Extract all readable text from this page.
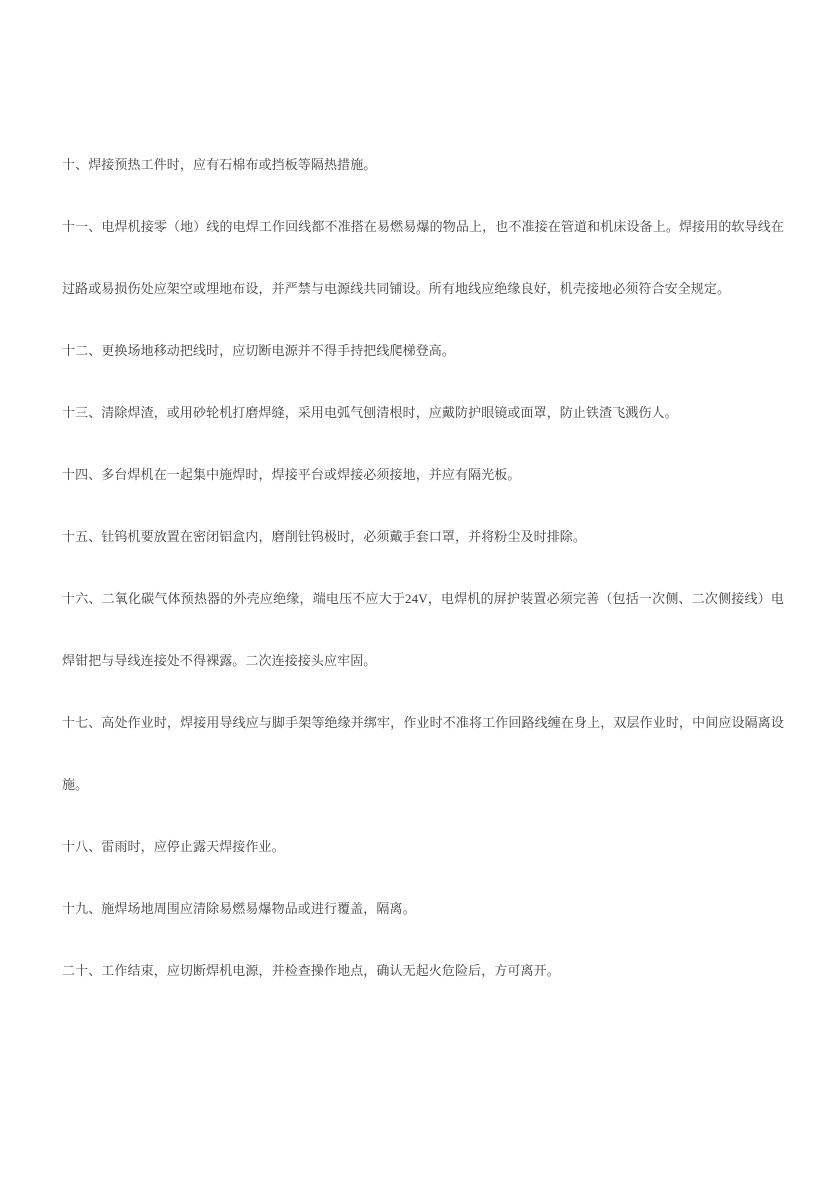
十、焊接预热工件时，应有石棉布或挡板等隔热措施。

十一、电焊机接零（地）线的电焊工作回线都不准搭在易燃易爆的物品上，也不准接在管道和机床设备上。焊接用的软导线在
过路或易损伤处应架空或埋地布设，并严禁与电源线共同铺设。所有地线应绝缘良好，机壳接地必须符合安全规定。

十二、更换场地移动把线时，应切断电源并不得手持把线爬梯登高。

十三、清除焊渣，或用砂轮机打磨焊缝，采用电弧气刨清根时，应戴防护眼镜或面罩，防止铁渣飞溅伤人。

十四、多台焊机在一起集中施焊时，焊接平台或焊接必须接地，并应有隔光板。

十五、钍钨机要放置在密闭铝盒内，磨削钍钨极时，必须戴手套口罩，并将粉尘及时排除。

十六、二氧化碳气体预热器的外壳应绝缘，端电压不应大于24V，电焊机的屏护装置必须完善（包括一次侧、二次侧接线）电
焊钳把与导线连接处不得裸露。二次连接接头应牢固。

十七、高处作业时，焊接用导线应与脚手架等绝缘并绑牢，作业时不准将工作回路线缠在身上，双层作业时，中间应设隔离设
施。

十八、雷雨时，应停止露天焊接作业。

十九、施焊场地周围应清除易燃易爆物品或进行覆盖，隔离。

二十、工作结束，应切断焊机电源，并检查操作地点，确认无起火危险后，方可离开。
